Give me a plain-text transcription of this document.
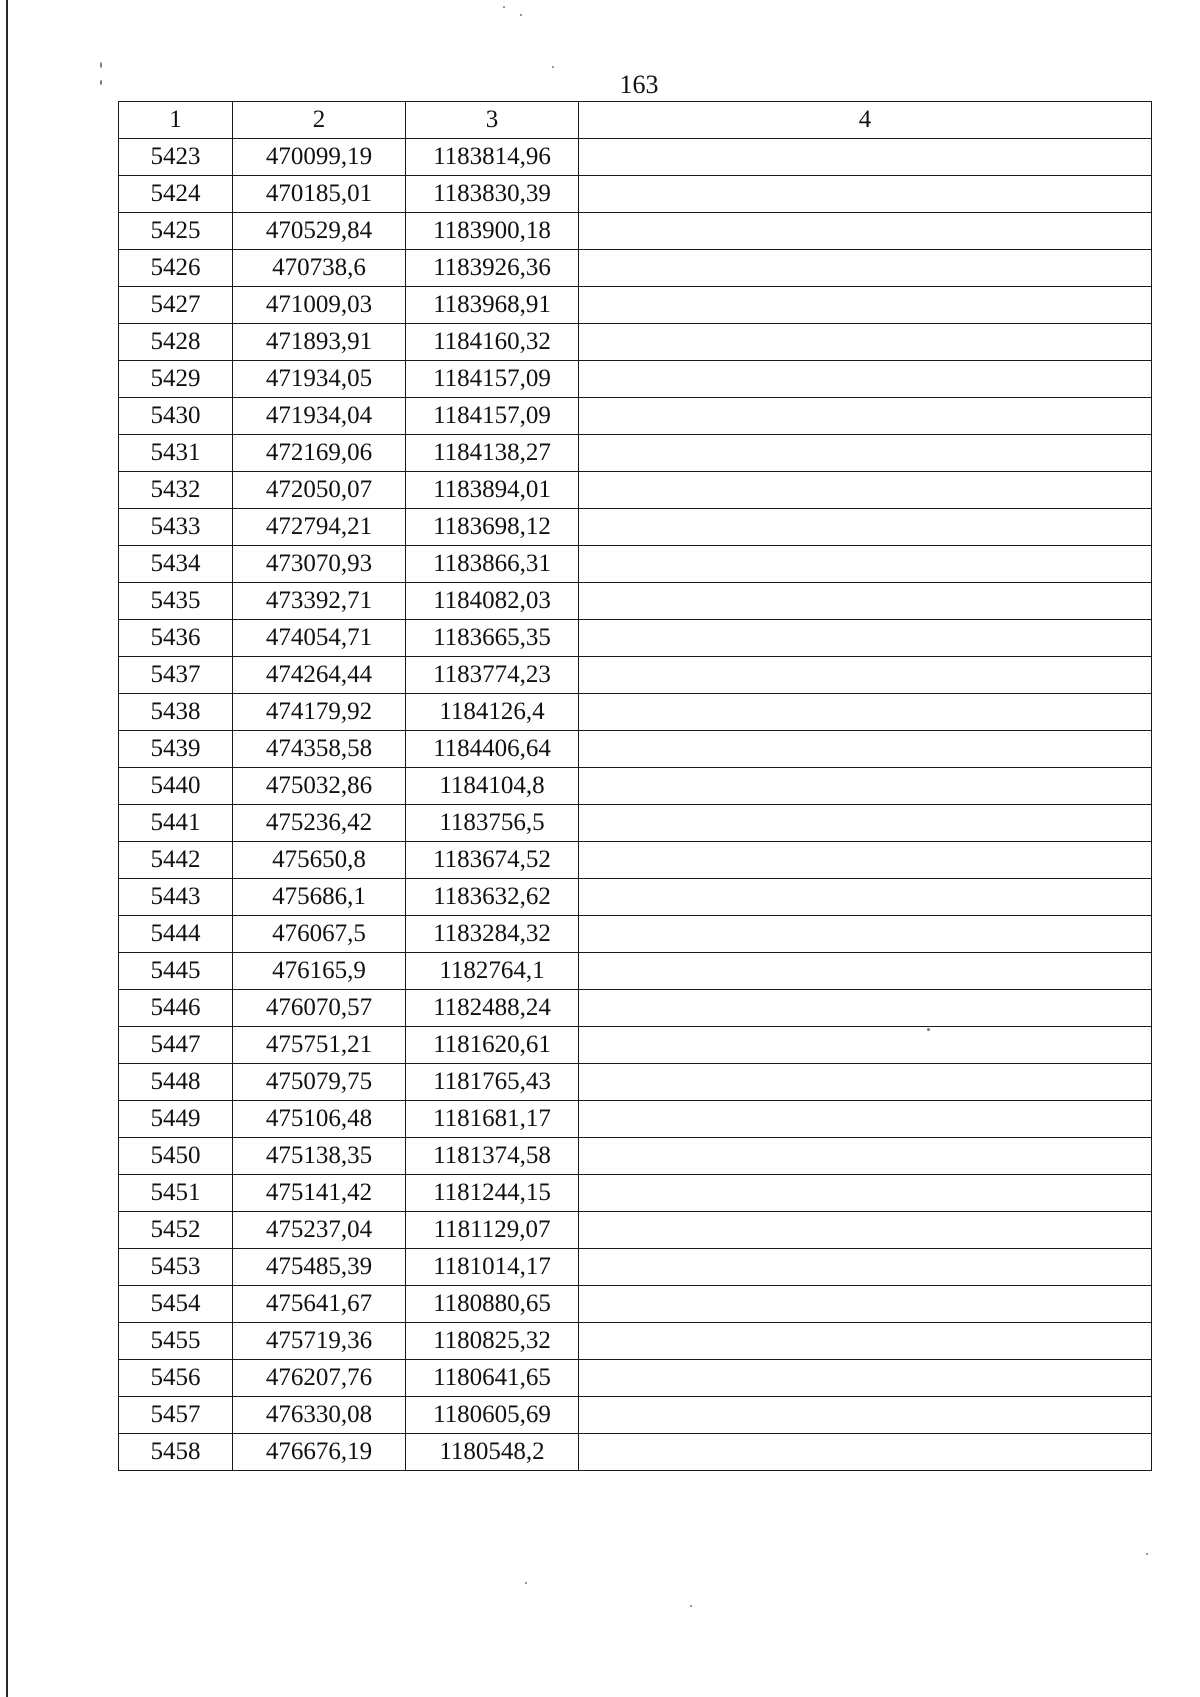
163
1	2	3	4
5423	470099,19	1183814,96	
5424	470185,01	1183830,39	
5425	470529,84	1183900,18	
5426	470738,6	1183926,36	
5427	471009,03	1183968,91	
5428	471893,91	1184160,32	
5429	471934,05	1184157,09	
5430	471934,04	1184157,09	
5431	472169,06	1184138,27	
5432	472050,07	1183894,01	
5433	472794,21	1183698,12	
5434	473070,93	1183866,31	
5435	473392,71	1184082,03	
5436	474054,71	1183665,35	
5437	474264,44	1183774,23	
5438	474179,92	1184126,4	
5439	474358,58	1184406,64	
5440	475032,86	1184104,8	
5441	475236,42	1183756,5	
5442	475650,8	1183674,52	
5443	475686,1	1183632,62	
5444	476067,5	1183284,32	
5445	476165,9	1182764,1	
5446	476070,57	1182488,24	
5447	475751,21	1181620,61	
5448	475079,75	1181765,43	
5449	475106,48	1181681,17	
5450	475138,35	1181374,58	
5451	475141,42	1181244,15	
5452	475237,04	1181129,07	
5453	475485,39	1181014,17	
5454	475641,67	1180880,65	
5455	475719,36	1180825,32	
5456	476207,76	1180641,65	
5457	476330,08	1180605,69	
5458	476676,19	1180548,2	
